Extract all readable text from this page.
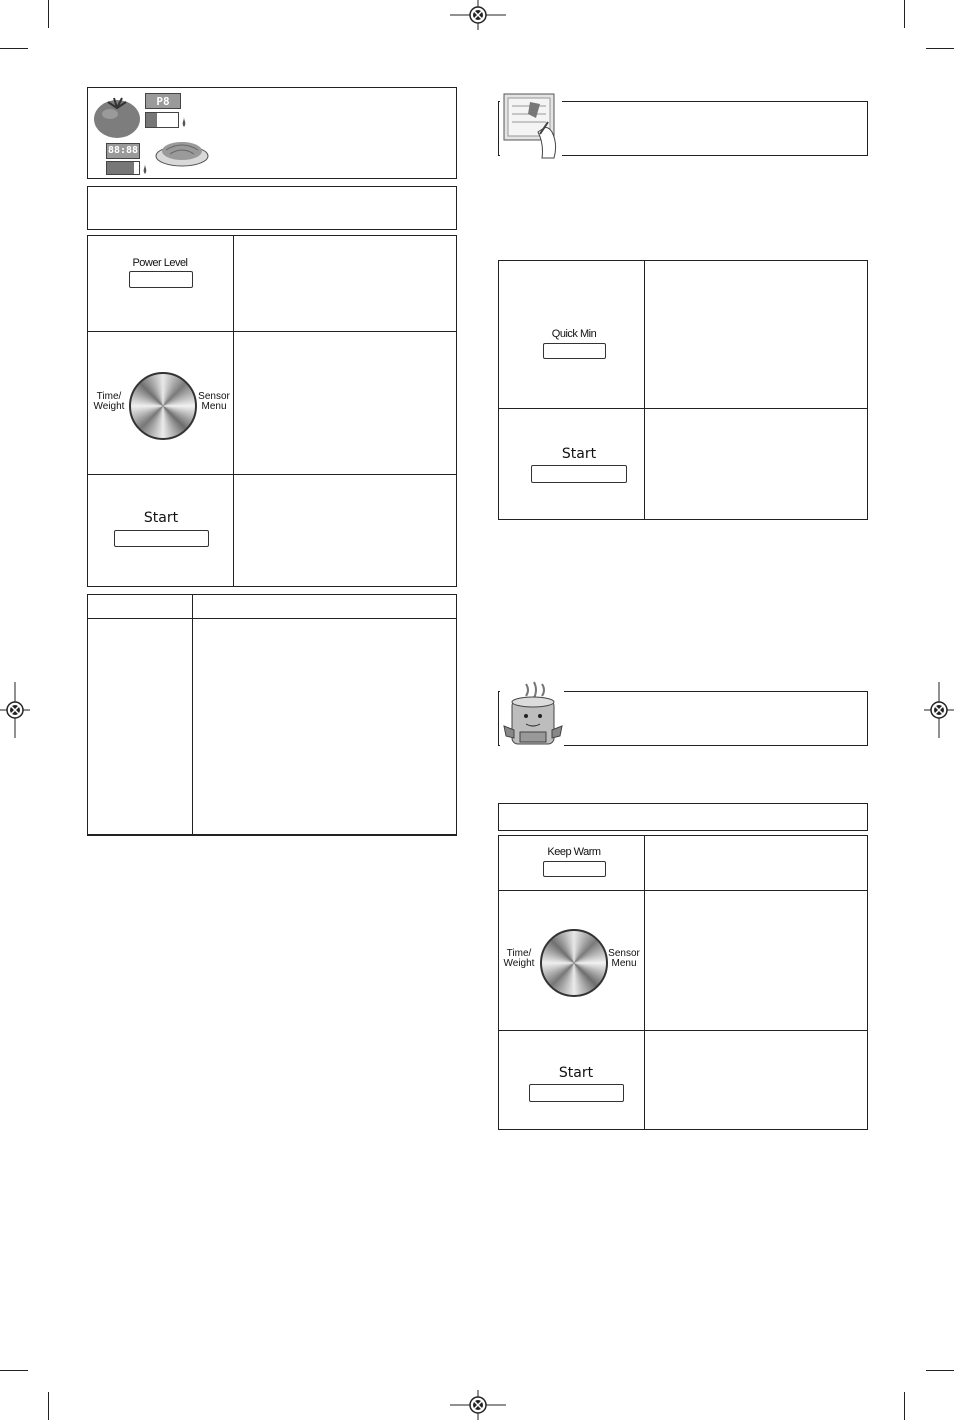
P8
88:88
Power Level
Time/
Weight
Sensor
Menu
Start
Quick Min
Start
Keep Warm
Time/
Weight
Sensor
Menu
Start
